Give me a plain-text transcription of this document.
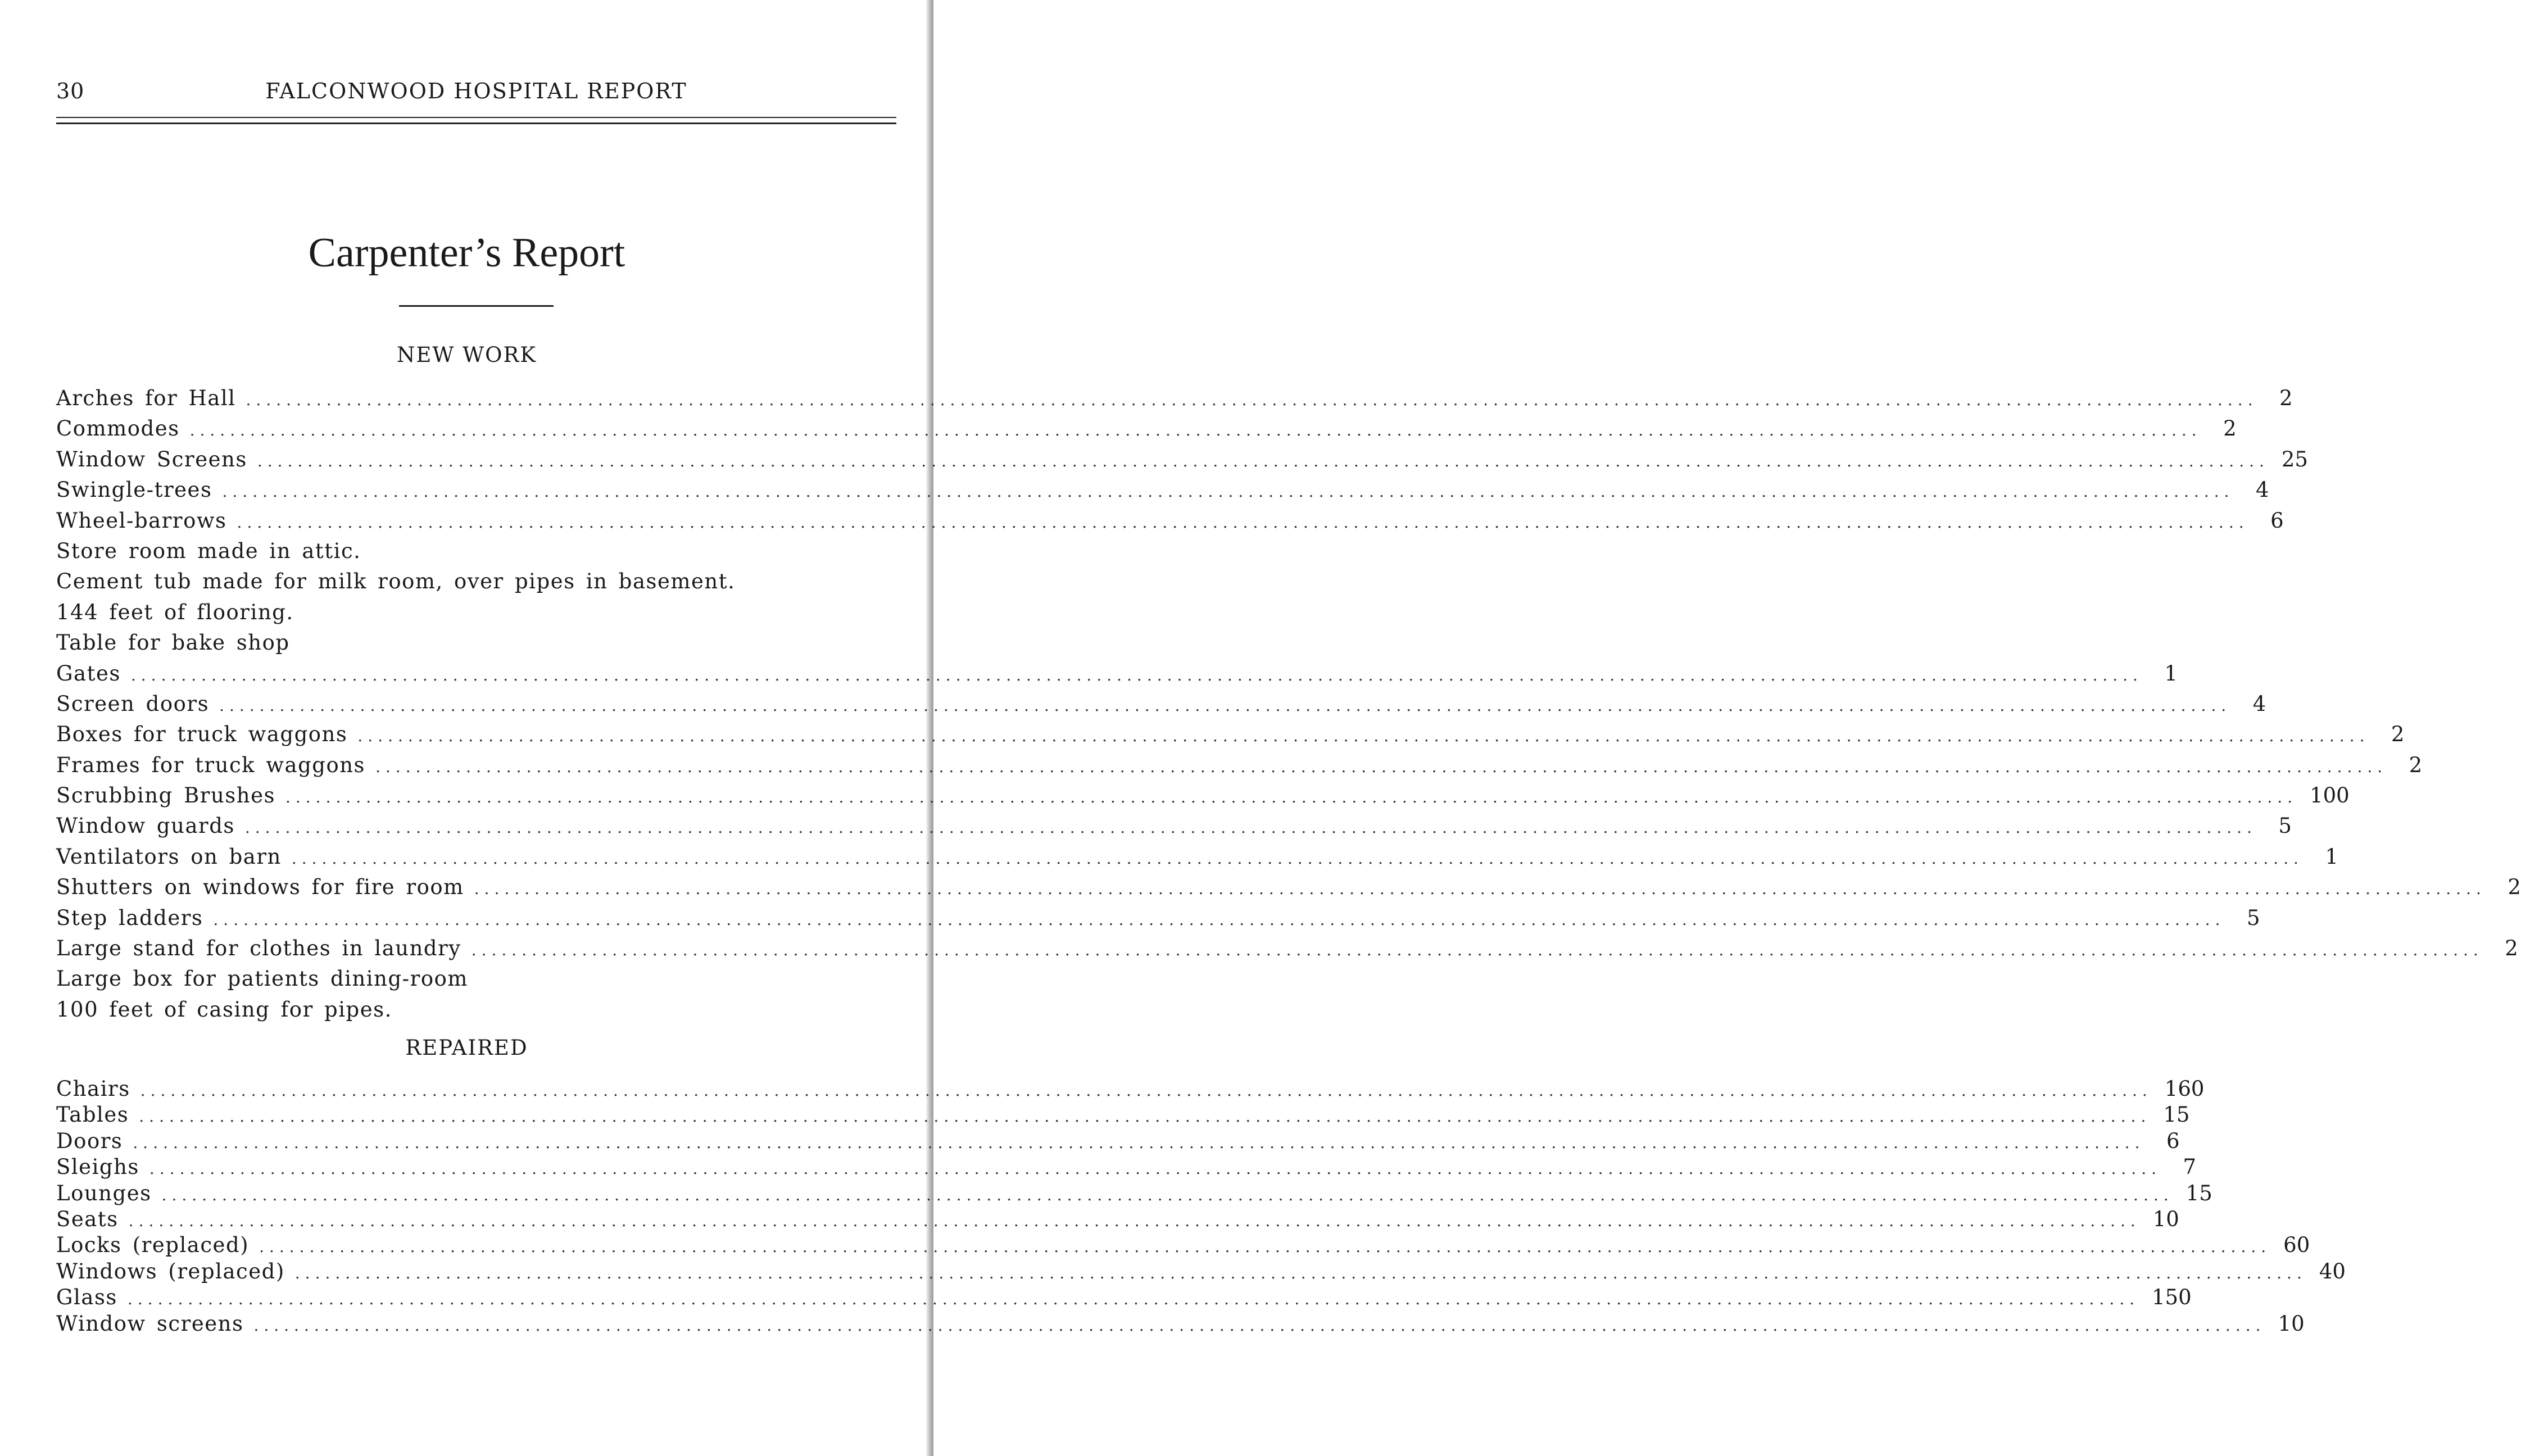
30	FALCONWOOD HOSPITAL REPORT
Carpenter’s Report
NEW WORK
Arches for Hall ........................................................................................................................................................................................................	2
Commodes ........................................................................................................................................................................................................	2
Window Screens ........................................................................................................................................................................................................ 25
Swingle-trees ........................................................................................................................................................................................................	4
Wheel-barrows ........................................................................................................................................................................................................	6
Store room made in attic.
Cement tub made for milk room, over pipes in basement.
144 feet of flooring.
Table for bake shop
Gates ........................................................................................................................................................................................................	1
Screen doors ........................................................................................................................................................................................................	4
Boxes for truck waggons ........................................................................................................................................................................................................	2
Frames for truck waggons ........................................................................................................................................................................................................	2
Scrubbing Brushes ........................................................................................................................................................................................................ 100
Window guards ........................................................................................................................................................................................................	5
Ventilators on barn ........................................................................................................................................................................................................	1
Shutters on windows for fire room ........................................................................................................................................................................................................	2
Step ladders ........................................................................................................................................................................................................	5
Large stand for clothes in laundry ........................................................................................................................................................................................................	2
Large box for patients dining-room
100 feet of casing for pipes.
REPAIRED
Chairs ........................................................................................................................................................................................................ 160
Tables ........................................................................................................................................................................................................ 15
Doors ........................................................................................................................................................................................................	6
Sleighs ........................................................................................................................................................................................................	7
Lounges ........................................................................................................................................................................................................ 15
Seats ........................................................................................................................................................................................................ 10
Locks (replaced) ........................................................................................................................................................................................................ 60
Windows (replaced) ........................................................................................................................................................................................................ 40
Glass ........................................................................................................................................................................................................ 150
Window screens ........................................................................................................................................................................................................ 10
